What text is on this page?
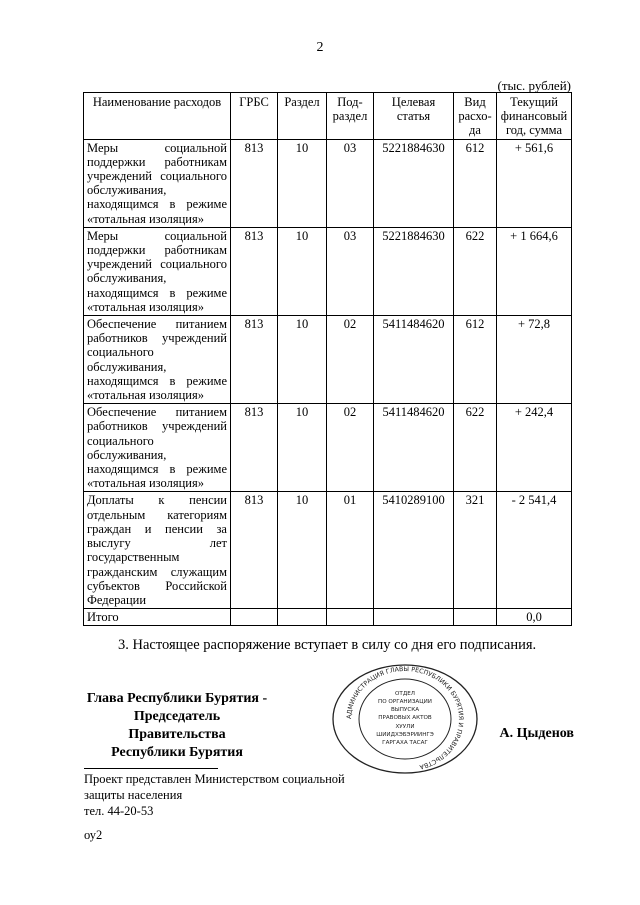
2
(тыс. рублей)
Наименование расходов	ГРБС	Раздел	Под-раздел	Целевая статья	Вид расхо-да	Текущий финансовый год, сумма
Меры социальной поддержки работникам учреждений социального обслуживания, находящимся в режиме «тотальная изоляция»	813	10	03	5221884630	612	+ 561,6
Меры социальной поддержки работникам учреждений социального обслуживания, находящимся в режиме «тотальная изоляция»	813	10	03	5221884630	622	+ 1 664,6
Обеспечение питанием работников учреждений социального обслуживания, находящимся в режиме «тотальная изоляция»	813	10	02	5411484620	612	+ 72,8
Обеспечение питанием работников учреждений социального обслуживания, находящимся в режиме «тотальная изоляция»	813	10	02	5411484620	622	+ 242,4
Доплаты к пенсии отдельным категориям граждан и пенсии за выслугу лет государственным гражданским служащим субъектов Российской Федерации	813	10	01	5410289100	321	- 2 541,4
Итого						0,0
3. Настоящее распоряжение вступает в силу со дня его подписания.
Глава Республики Бурятия -
Председатель Правительства
Республики Бурятия
АДМИНИСТРАЦИЯ ГЛАВЫ РЕСПУБЛИКИ БУРЯТИЯ И ПРАВИТЕЛЬСТВА
ОТДЕЛ
ПО ОРГАНИЗАЦИИ
ВЫПУСКА
ПРАВОВЫХ АКТОВ
ХУУЛИ
ШИИДХЭБЭРИИНГЭ
ГАРГАХА ТАСАГ
А. Цыденов
Проект представлен Министерством социальной защиты населения
тел. 44-20-53
оу2
